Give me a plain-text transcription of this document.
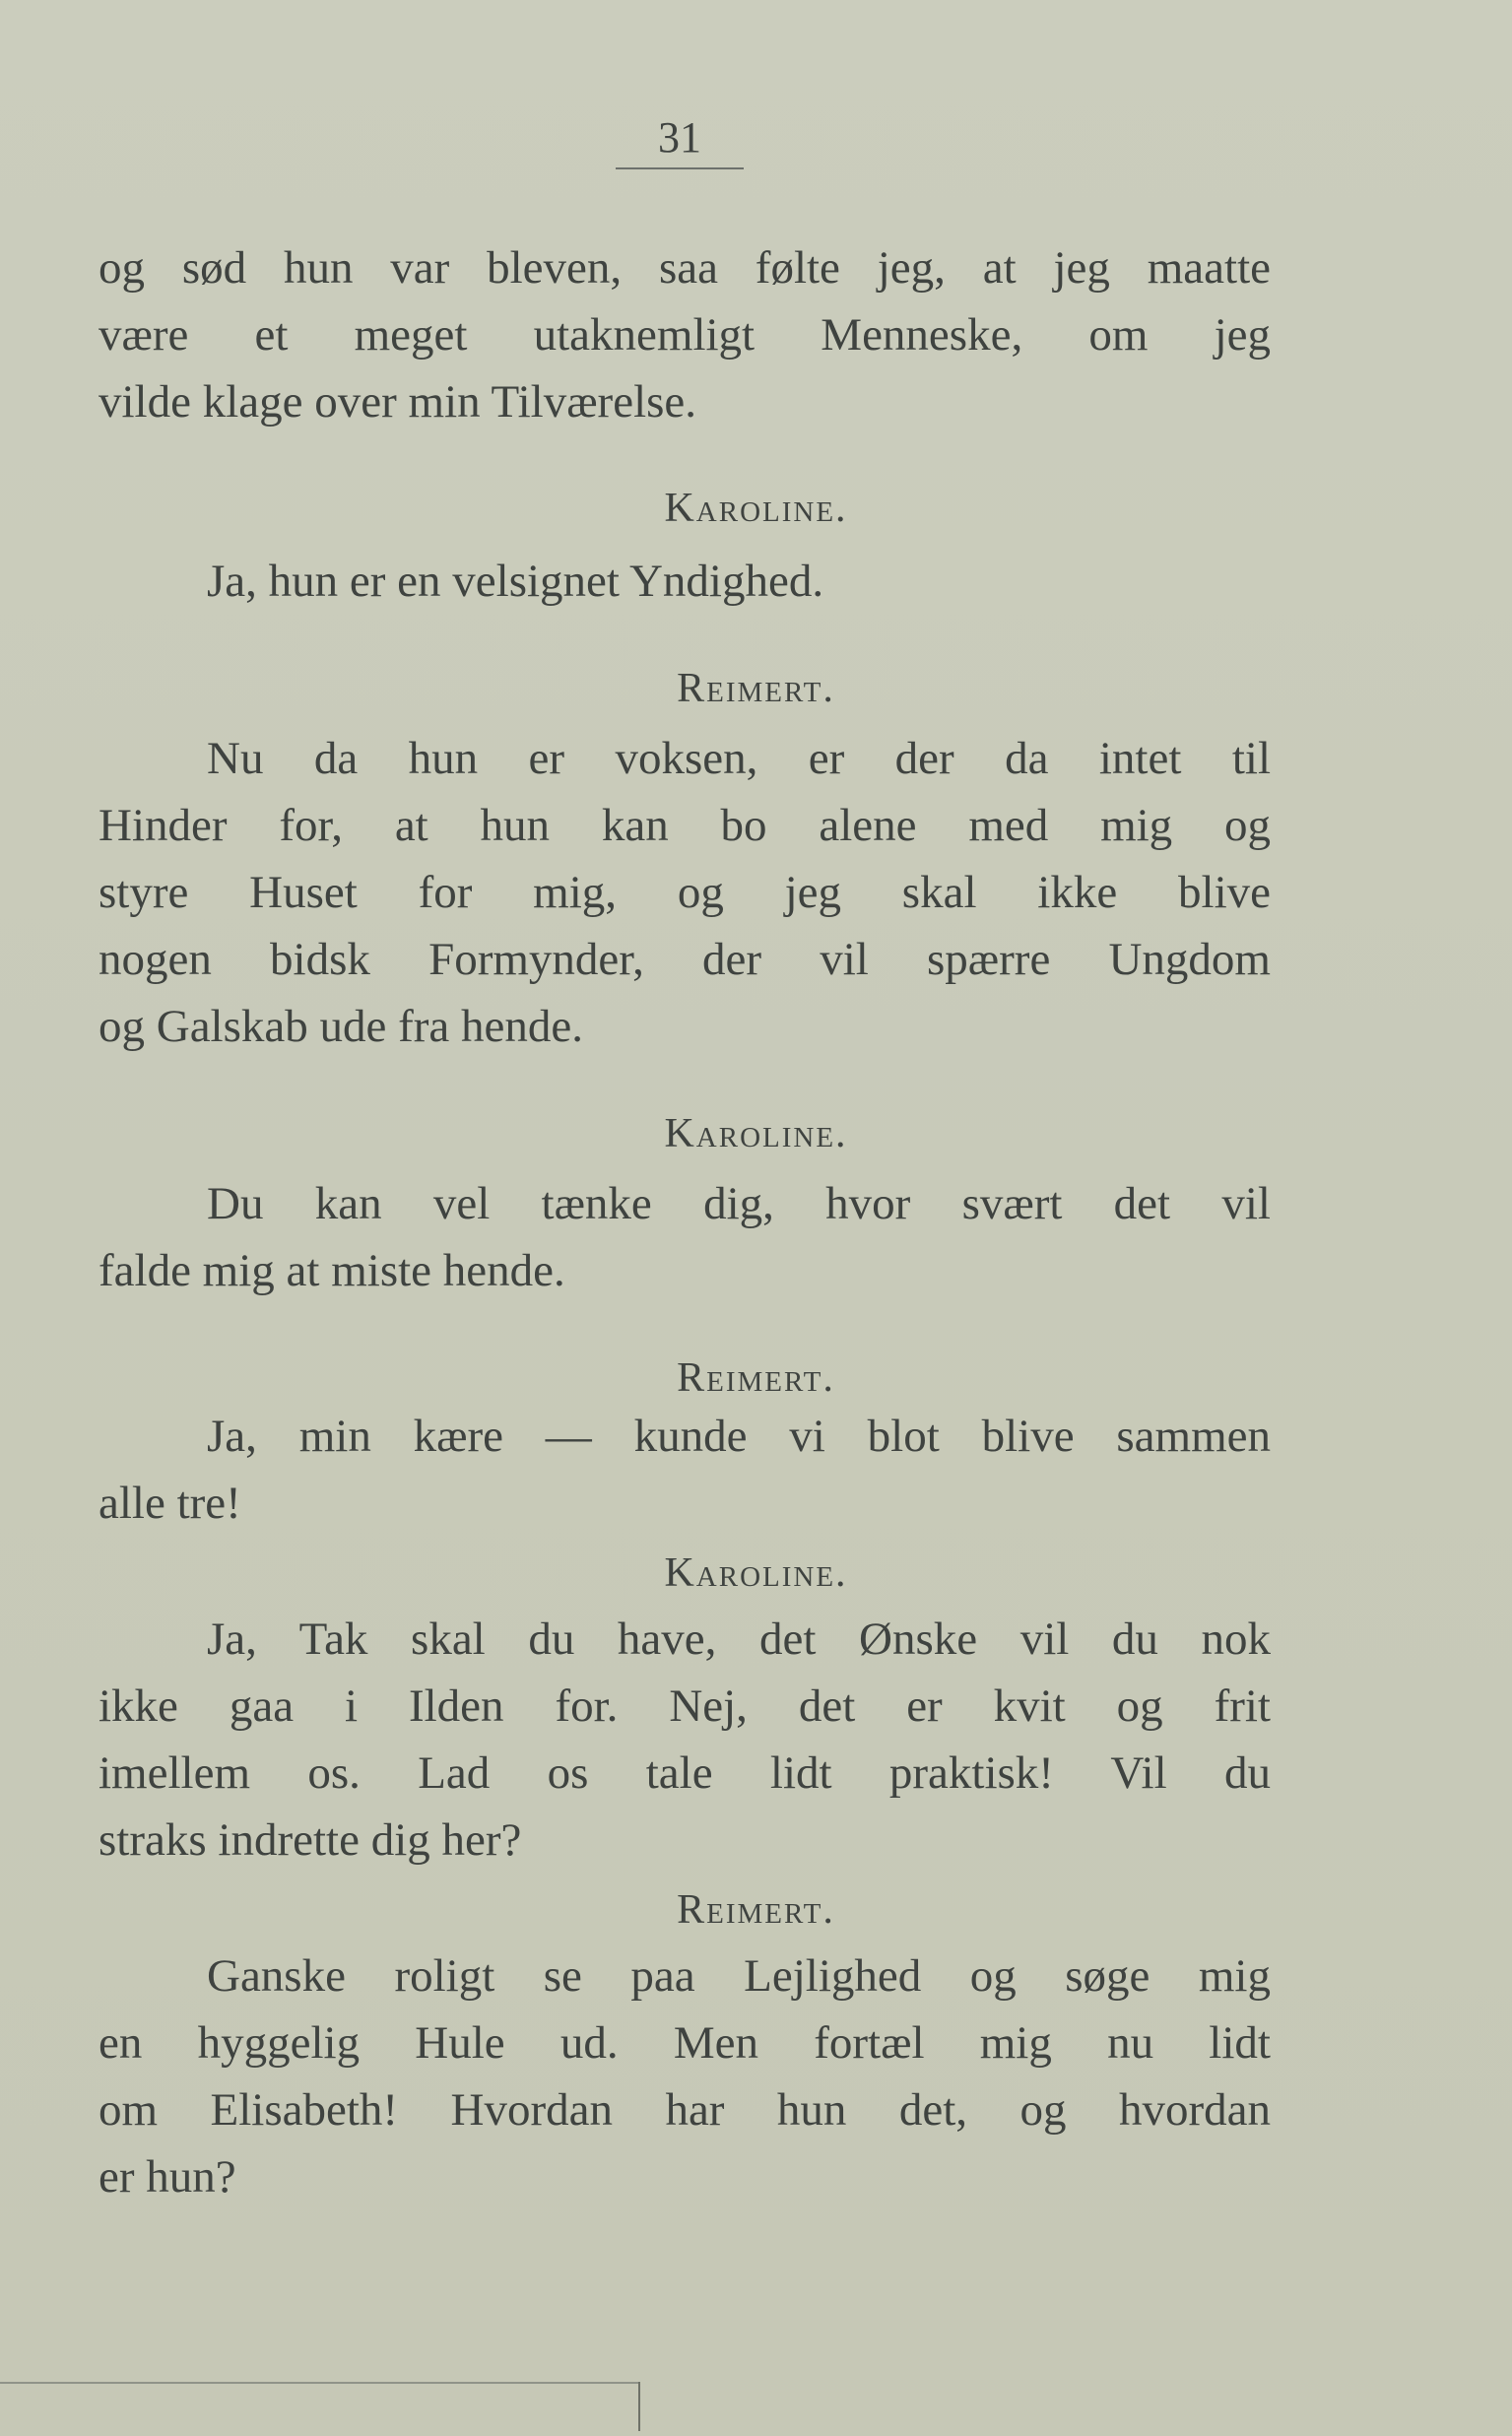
31
og sød hun var bleven, saa følte jeg, at jeg maatte
være et meget utaknemligt Menneske, om jeg
vilde klage over min Tilværelse.
Karoline.
Ja, hun er en velsignet Yndighed.
Reimert.
Nu da hun er voksen, er der da intet til
Hinder for, at hun kan bo alene med mig og
styre Huset for mig, og jeg skal ikke blive
nogen bidsk Formynder, der vil spærre Ungdom
og Galskab ude fra hende.
Karoline.
Du kan vel tænke dig, hvor svært det vil
falde mig at miste hende.
Reimert.
Ja, min kære — kunde vi blot blive sammen
alle tre!
Karoline.
Ja, Tak skal du have, det Ønske vil du nok
ikke gaa i Ilden for. Nej, det er kvit og frit
imellem os. Lad os tale lidt praktisk! Vil du
straks indrette dig her?
Reimert.
Ganske roligt se paa Lejlighed og søge mig
en hyggelig Hule ud. Men fortæl mig nu lidt
om Elisabeth! Hvordan har hun det, og hvordan
er hun?
